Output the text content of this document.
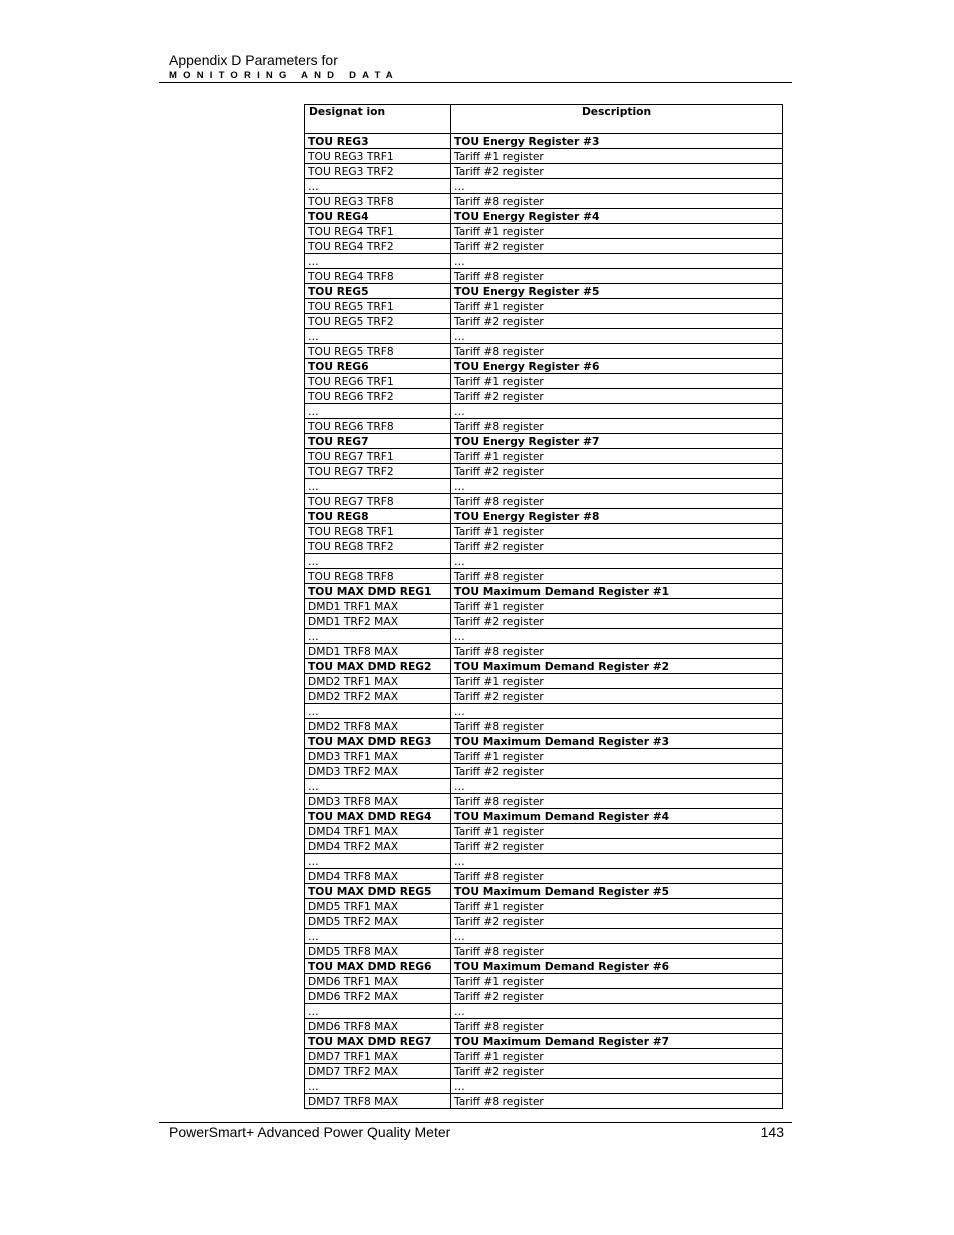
Appendix D Parameters for
MONITORING AND DATA
Designat ion	Description
TOU REG3	TOU Energy Register #3
TOU REG3 TRF1	Tariff #1 register
TOU REG3 TRF2	Tariff #2 register
…	…
TOU REG3 TRF8	Tariff #8 register
TOU REG4	TOU Energy Register #4
TOU REG4 TRF1	Tariff #1 register
TOU REG4 TRF2	Tariff #2 register
…	…
TOU REG4 TRF8	Tariff #8 register
TOU REG5	TOU Energy Register #5
TOU REG5 TRF1	Tariff #1 register
TOU REG5 TRF2	Tariff #2 register
…	…
TOU REG5 TRF8	Tariff #8 register
TOU REG6	TOU Energy Register #6
TOU REG6 TRF1	Tariff #1 register
TOU REG6 TRF2	Tariff #2 register
…	…
TOU REG6 TRF8	Tariff #8 register
TOU REG7	TOU Energy Register #7
TOU REG7 TRF1	Tariff #1 register
TOU REG7 TRF2	Tariff #2 register
…	…
TOU REG7 TRF8	Tariff #8 register
TOU REG8	TOU Energy Register #8
TOU REG8 TRF1	Tariff #1 register
TOU REG8 TRF2	Tariff #2 register
…	…
TOU REG8 TRF8	Tariff #8 register
TOU MAX DMD REG1	TOU Maximum Demand Register #1
DMD1 TRF1 MAX	Tariff #1 register
DMD1 TRF2 MAX	Tariff #2 register
…	…
DMD1 TRF8 MAX	Tariff #8 register
TOU MAX DMD REG2	TOU Maximum Demand Register #2
DMD2 TRF1 MAX	Tariff #1 register
DMD2 TRF2 MAX	Tariff #2 register
…	…
DMD2 TRF8 MAX	Tariff #8 register
TOU MAX DMD REG3	TOU Maximum Demand Register #3
DMD3 TRF1 MAX	Tariff #1 register
DMD3 TRF2 MAX	Tariff #2 register
…	…
DMD3 TRF8 MAX	Tariff #8 register
TOU MAX DMD REG4	TOU Maximum Demand Register #4
DMD4 TRF1 MAX	Tariff #1 register
DMD4 TRF2 MAX	Tariff #2 register
…	…
DMD4 TRF8 MAX	Tariff #8 register
TOU MAX DMD REG5	TOU Maximum Demand Register #5
DMD5 TRF1 MAX	Tariff #1 register
DMD5 TRF2 MAX	Tariff #2 register
…	…
DMD5 TRF8 MAX	Tariff #8 register
TOU MAX DMD REG6	TOU Maximum Demand Register #6
DMD6 TRF1 MAX	Tariff #1 register
DMD6 TRF2 MAX	Tariff #2 register
…	…
DMD6 TRF8 MAX	Tariff #8 register
TOU MAX DMD REG7	TOU Maximum Demand Register #7
DMD7 TRF1 MAX	Tariff #1 register
DMD7 TRF2 MAX	Tariff #2 register
…	…
DMD7 TRF8 MAX	Tariff #8 register
PowerSmart+ Advanced Power Quality Meter	143
